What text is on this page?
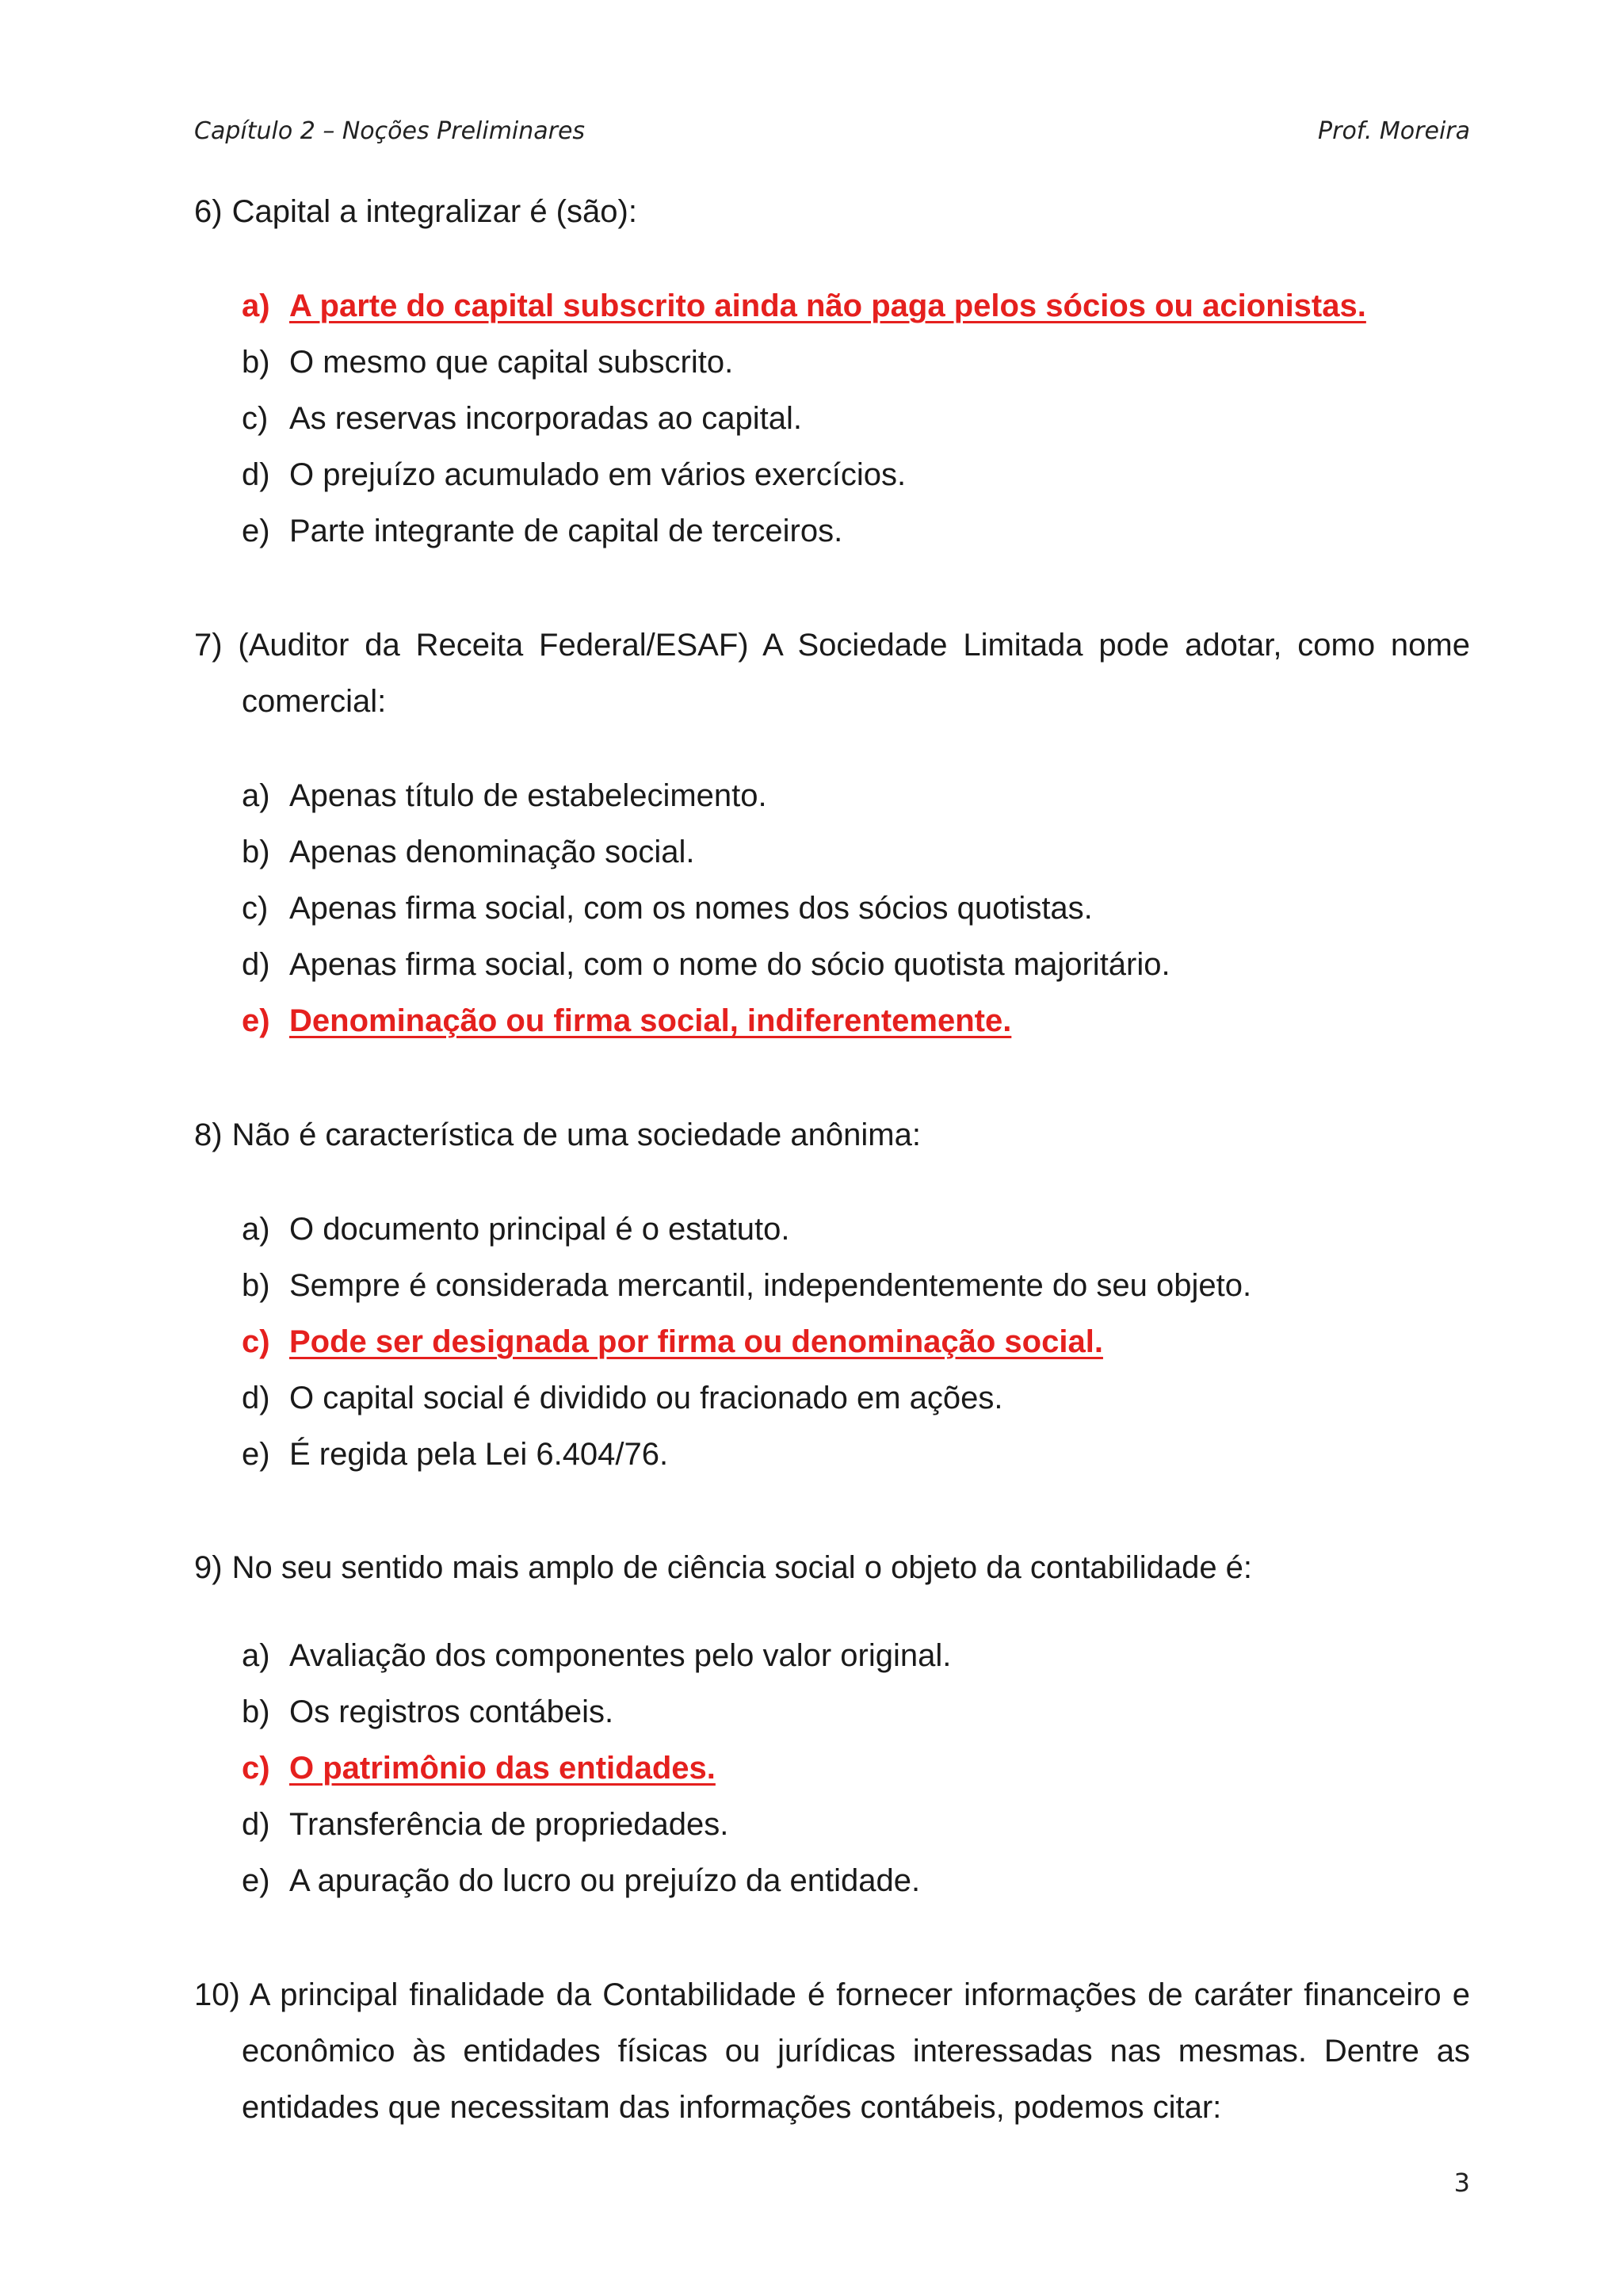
Capítulo 2 – Noções Preliminares	Prof. Moreira
6) Capital a integralizar é (são):
a) A parte do capital subscrito ainda não paga pelos sócios ou acionistas.
b) O mesmo que capital subscrito.
c) As reservas incorporadas ao capital.
d) O prejuízo acumulado em vários exercícios.
e) Parte integrante de capital de terceiros.
7) (Auditor da Receita Federal/ESAF) A Sociedade Limitada pode adotar, como nome comercial:
a) Apenas título de estabelecimento.
b) Apenas denominação social.
c) Apenas firma social, com os nomes dos sócios quotistas.
d) Apenas firma social, com o nome do sócio quotista majoritário.
e) Denominação ou firma social, indiferentemente.
8) Não é característica de uma sociedade anônima:
a) O documento principal é o estatuto.
b) Sempre é considerada mercantil, independentemente do seu objeto.
c) Pode ser designada por firma ou denominação social.
d) O capital social é dividido ou fracionado em ações.
e) É regida pela Lei 6.404/76.
9) No seu sentido mais amplo de ciência social o objeto da contabilidade é:
a) Avaliação dos componentes pelo valor original.
b) Os registros contábeis.
c) O patrimônio das entidades.
d) Transferência de propriedades.
e) A apuração do lucro ou prejuízo da entidade.
10) A principal finalidade da Contabilidade é fornecer informações de caráter financeiro e econômico às entidades físicas ou jurídicas interessadas nas mesmas. Dentre as entidades que necessitam das informações contábeis, podemos citar:
3
